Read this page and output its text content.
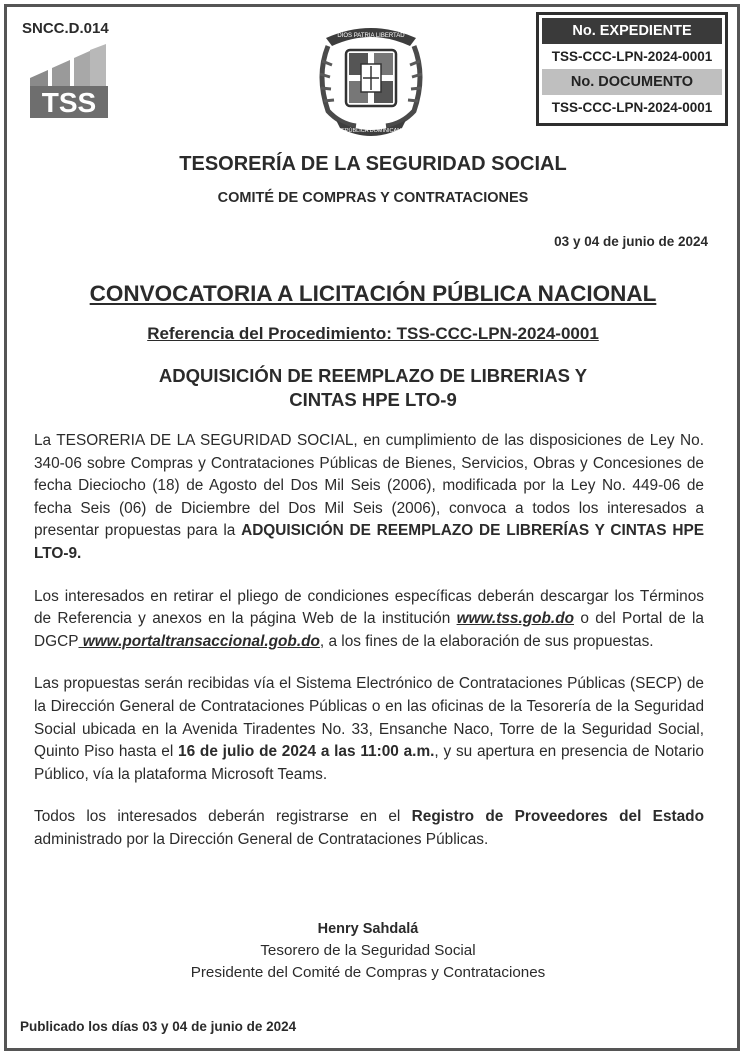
SNCC.D.014
TSS
DIOS PATRIA LIBERTAD
REPÚBLICA DOMINICANA
No. EXPEDIENTE
TSS-CCC-LPN-2024-0001
No. DOCUMENTO
TSS-CCC-LPN-2024-0001
TESORERÍA DE LA SEGURIDAD SOCIAL
COMITÉ DE COMPRAS Y CONTRATACIONES
03 y 04 de junio de 2024
CONVOCATORIA A LICITACIÓN PÚBLICA NACIONAL
Referencia del Procedimiento: TSS-CCC-LPN-2024-0001
ADQUISICIÓN DE REEMPLAZO DE LIBRERIAS Y
CINTAS HPE LTO-9

La TESORERIA DE LA SEGURIDAD SOCIAL, en cumplimiento de las disposiciones de Ley No. 340-06 sobre Compras y Contrataciones Públicas de Bienes, Servicios, Obras y Concesiones de fecha Dieciocho (18) de Agosto del Dos Mil Seis (2006), modificada por la Ley No. 449-06 de fecha Seis (06) de Diciembre del Dos Mil Seis (2006), convoca a todos los interesados a presentar propuestas para la ADQUISICIÓN DE REEMPLAZO DE LIBRERÍAS Y CINTAS HPE LTO-9.

Los interesados en retirar el pliego de condiciones específicas deberán descargar los Términos de Referencia y anexos en la página Web de la institución www.tss.gob.do o del Portal de la DGCP www.portaltransaccional.gob.do, a los fines de la elaboración de sus propuestas.

Las propuestas serán recibidas vía el Sistema Electrónico de Contrataciones Públicas (SECP) de la Dirección General de Contrataciones Públicas o en las oficinas de la Tesorería de la Seguridad Social ubicada en la Avenida Tiradentes No. 33, Ensanche Naco, Torre de la Seguridad Social, Quinto Piso hasta el 16 de julio de 2024 a las 11:00 a.m., y su apertura en presencia de Notario Público, vía la plataforma Microsoft Teams.

Todos los interesados deberán registrarse en el Registro de Proveedores del Estado administrado por la Dirección General de Contrataciones Públicas.

Henry Sahdalá
Tesorero de la Seguridad Social
Presidente del Comité de Compras y Contrataciones
Publicado los días 03 y 04 de junio de 2024
